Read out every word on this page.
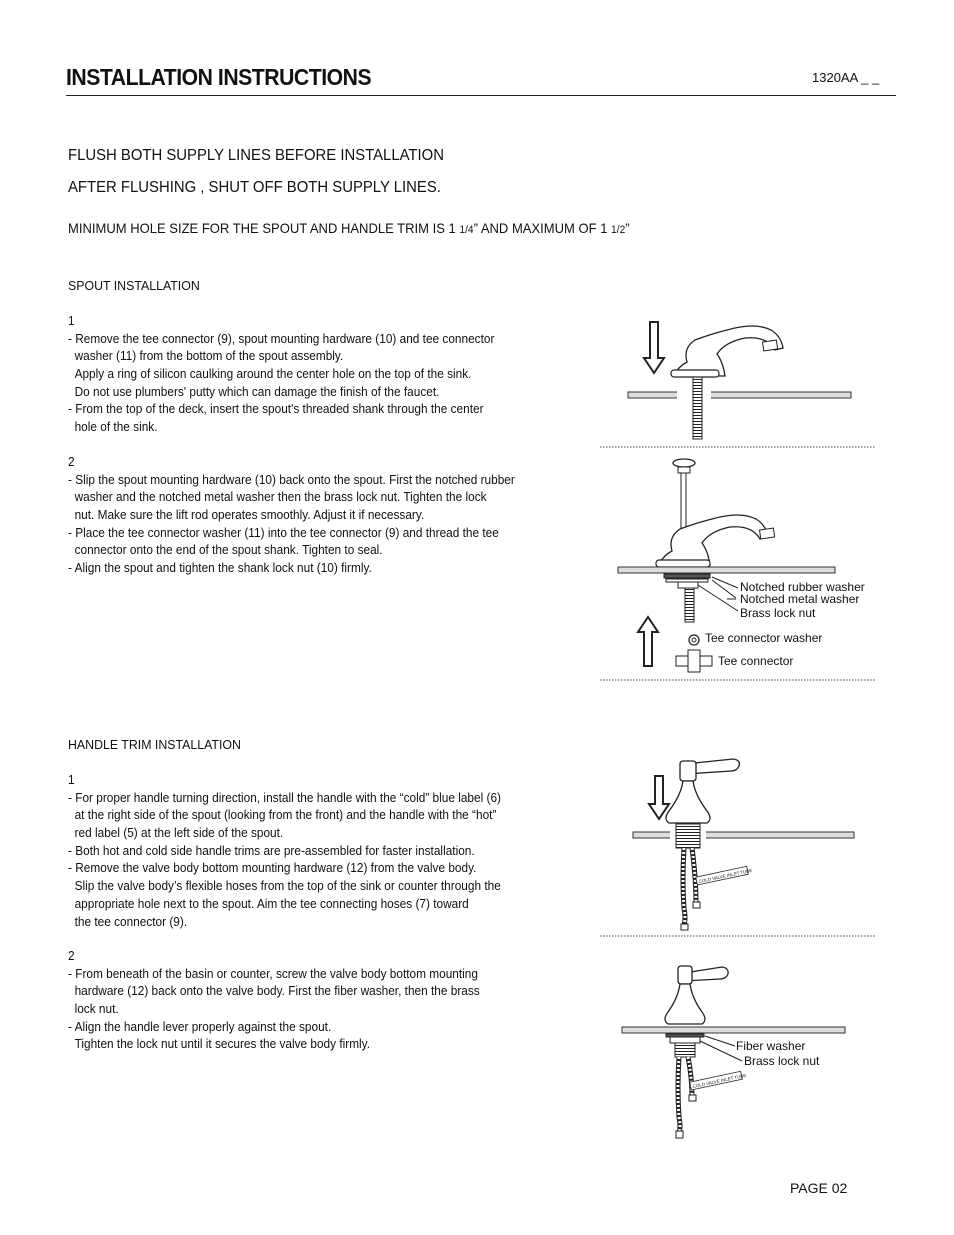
INSTALLATION INSTRUCTIONS	1320AA _ _
FLUSH BOTH SUPPLY LINES BEFORE INSTALLATION
AFTER FLUSHING , SHUT OFF BOTH SUPPLY LINES.
MINIMUM HOLE SIZE FOR THE SPOUT AND HANDLE TRIM IS 1 1/4” AND MAXIMUM OF 1 1/2”
SPOUT INSTALLATION
1
- Remove the tee connector (9), spout mounting hardware (10) and tee connector
washer (11) from the bottom of the spout assembly.
Apply a ring of silicon caulking around the center hole on the top of the sink.
Do not use plumbers' putty which can damage the finish of the faucet.
- From the top of the deck, insert the spout's threaded shank through the center
hole of the sink.
2
- Slip the spout mounting hardware (10) back onto the spout. First the notched rubber
washer and the notched metal washer then the brass lock nut. Tighten the lock
nut. Make sure the lift rod operates smoothly. Adjust it if necessary.
- Place the tee connector washer (11) into the tee connector (9) and thread the tee
connector onto the end of the spout shank. Tighten to seal.
- Align the spout and tighten the shank lock nut (10) firmly.
HANDLE TRIM INSTALLATION
1
- For proper handle turning direction, install the handle with the “cold” blue label (6)
at the right side of the spout (looking from the front) and the handle with the “hot”
red label (5) at the left side of the spout.
- Both hot and cold side handle trims are pre-assembled for faster installation.
- Remove the valve body bottom mounting hardware (12) from the valve body.
Slip the valve body’s flexible hoses from the top of the sink or counter through the
appropriate hole next to the spout. Aim the tee connecting hoses (7) toward
the tee connector (9).
2
- From beneath of the basin or counter, screw the valve body bottom mounting
hardware (12) back onto the valve body. First the fiber washer, then the brass
lock nut.
- Align the handle lever properly against the spout.
Tighten the lock nut until it secures the valve body firmly.
Notched rubber washer
Notched metal washer
Brass lock nut
Tee connector washer
Tee connector
COLD VALVE INLET TUBE
Fiber washer
Brass lock nut
COLD VALVE INLET TUBE
PAGE 02
